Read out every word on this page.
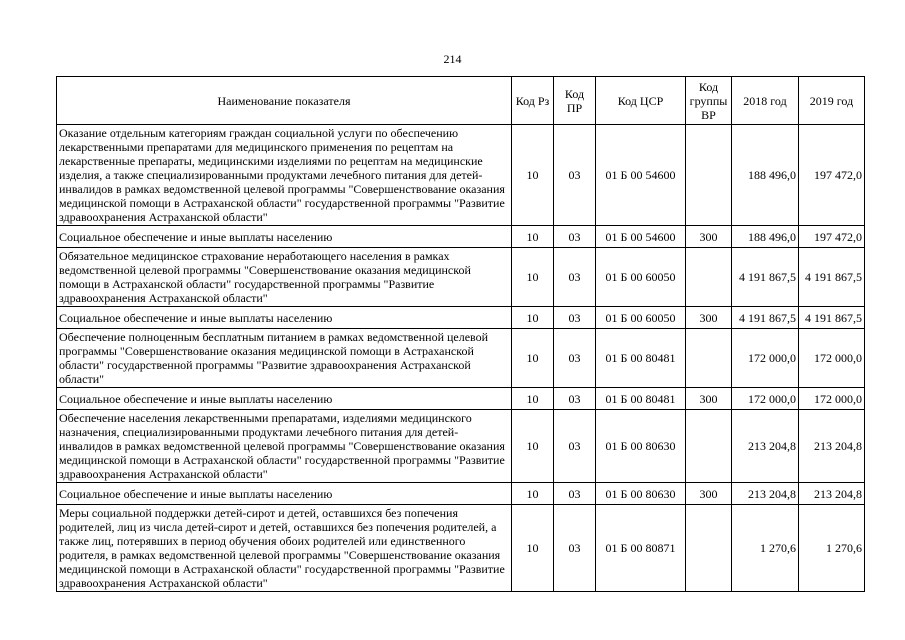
214
Наименование показателя	Код Рз	Код ПР	Код ЦСР	Код группы ВР	2018 год	2019 год
Оказание отдельным категориям граждан социальной услуги по обеспечению лекарственными препаратами для медицинского применения по рецептам на лекарственные препараты, медицинскими изделиями по рецептам на медицинские изделия, а также специализированными продуктами лечебного питания для детей-инвалидов в рамках ведомственной целевой программы "Совершенствование оказания медицинской помощи в Астраханской области" государственной программы "Развитие здравоохранения Астраханской области"	10	03	01 Б 00 54600		188 496,0	197 472,0
Социальное обеспечение и иные выплаты населению	10	03	01 Б 00 54600	300	188 496,0	197 472,0
Обязательное медицинское страхование неработающего населения в рамках ведомственной целевой программы "Совершенствование оказания медицинской помощи в Астраханской области" государственной программы "Развитие здравоохранения Астраханской области"	10	03	01 Б 00 60050		4 191 867,5	4 191 867,5
Социальное обеспечение и иные выплаты населению	10	03	01 Б 00 60050	300	4 191 867,5	4 191 867,5
Обеспечение полноценным бесплатным питанием в рамках ведомственной целевой программы "Совершенствование оказания медицинской помощи в Астраханской области" государственной программы "Развитие здравоохранения Астраханской области"	10	03	01 Б 00 80481		172 000,0	172 000,0
Социальное обеспечение и иные выплаты населению	10	03	01 Б 00 80481	300	172 000,0	172 000,0
Обеспечение населения лекарственными препаратами, изделиями медицинского назначения, специализированными продуктами лечебного питания для детей-инвалидов в рамках ведомственной целевой программы "Совершенствование оказания медицинской помощи в Астраханской области" государственной программы "Развитие здравоохранения Астраханской области"	10	03	01 Б 00 80630		213 204,8	213 204,8
Социальное обеспечение и иные выплаты населению	10	03	01 Б 00 80630	300	213 204,8	213 204,8
Меры социальной поддержки детей-сирот и детей, оставшихся без попечения родителей, лиц из числа детей-сирот и детей, оставшихся без попечения родителей, а также лиц, потерявших в период обучения обоих родителей или единственного родителя, в рамках ведомственной целевой программы "Совершенствование оказания медицинской помощи в Астраханской области" государственной программы "Развитие здравоохранения Астраханской области"	10	03	01 Б 00 80871		1 270,6	1 270,6
